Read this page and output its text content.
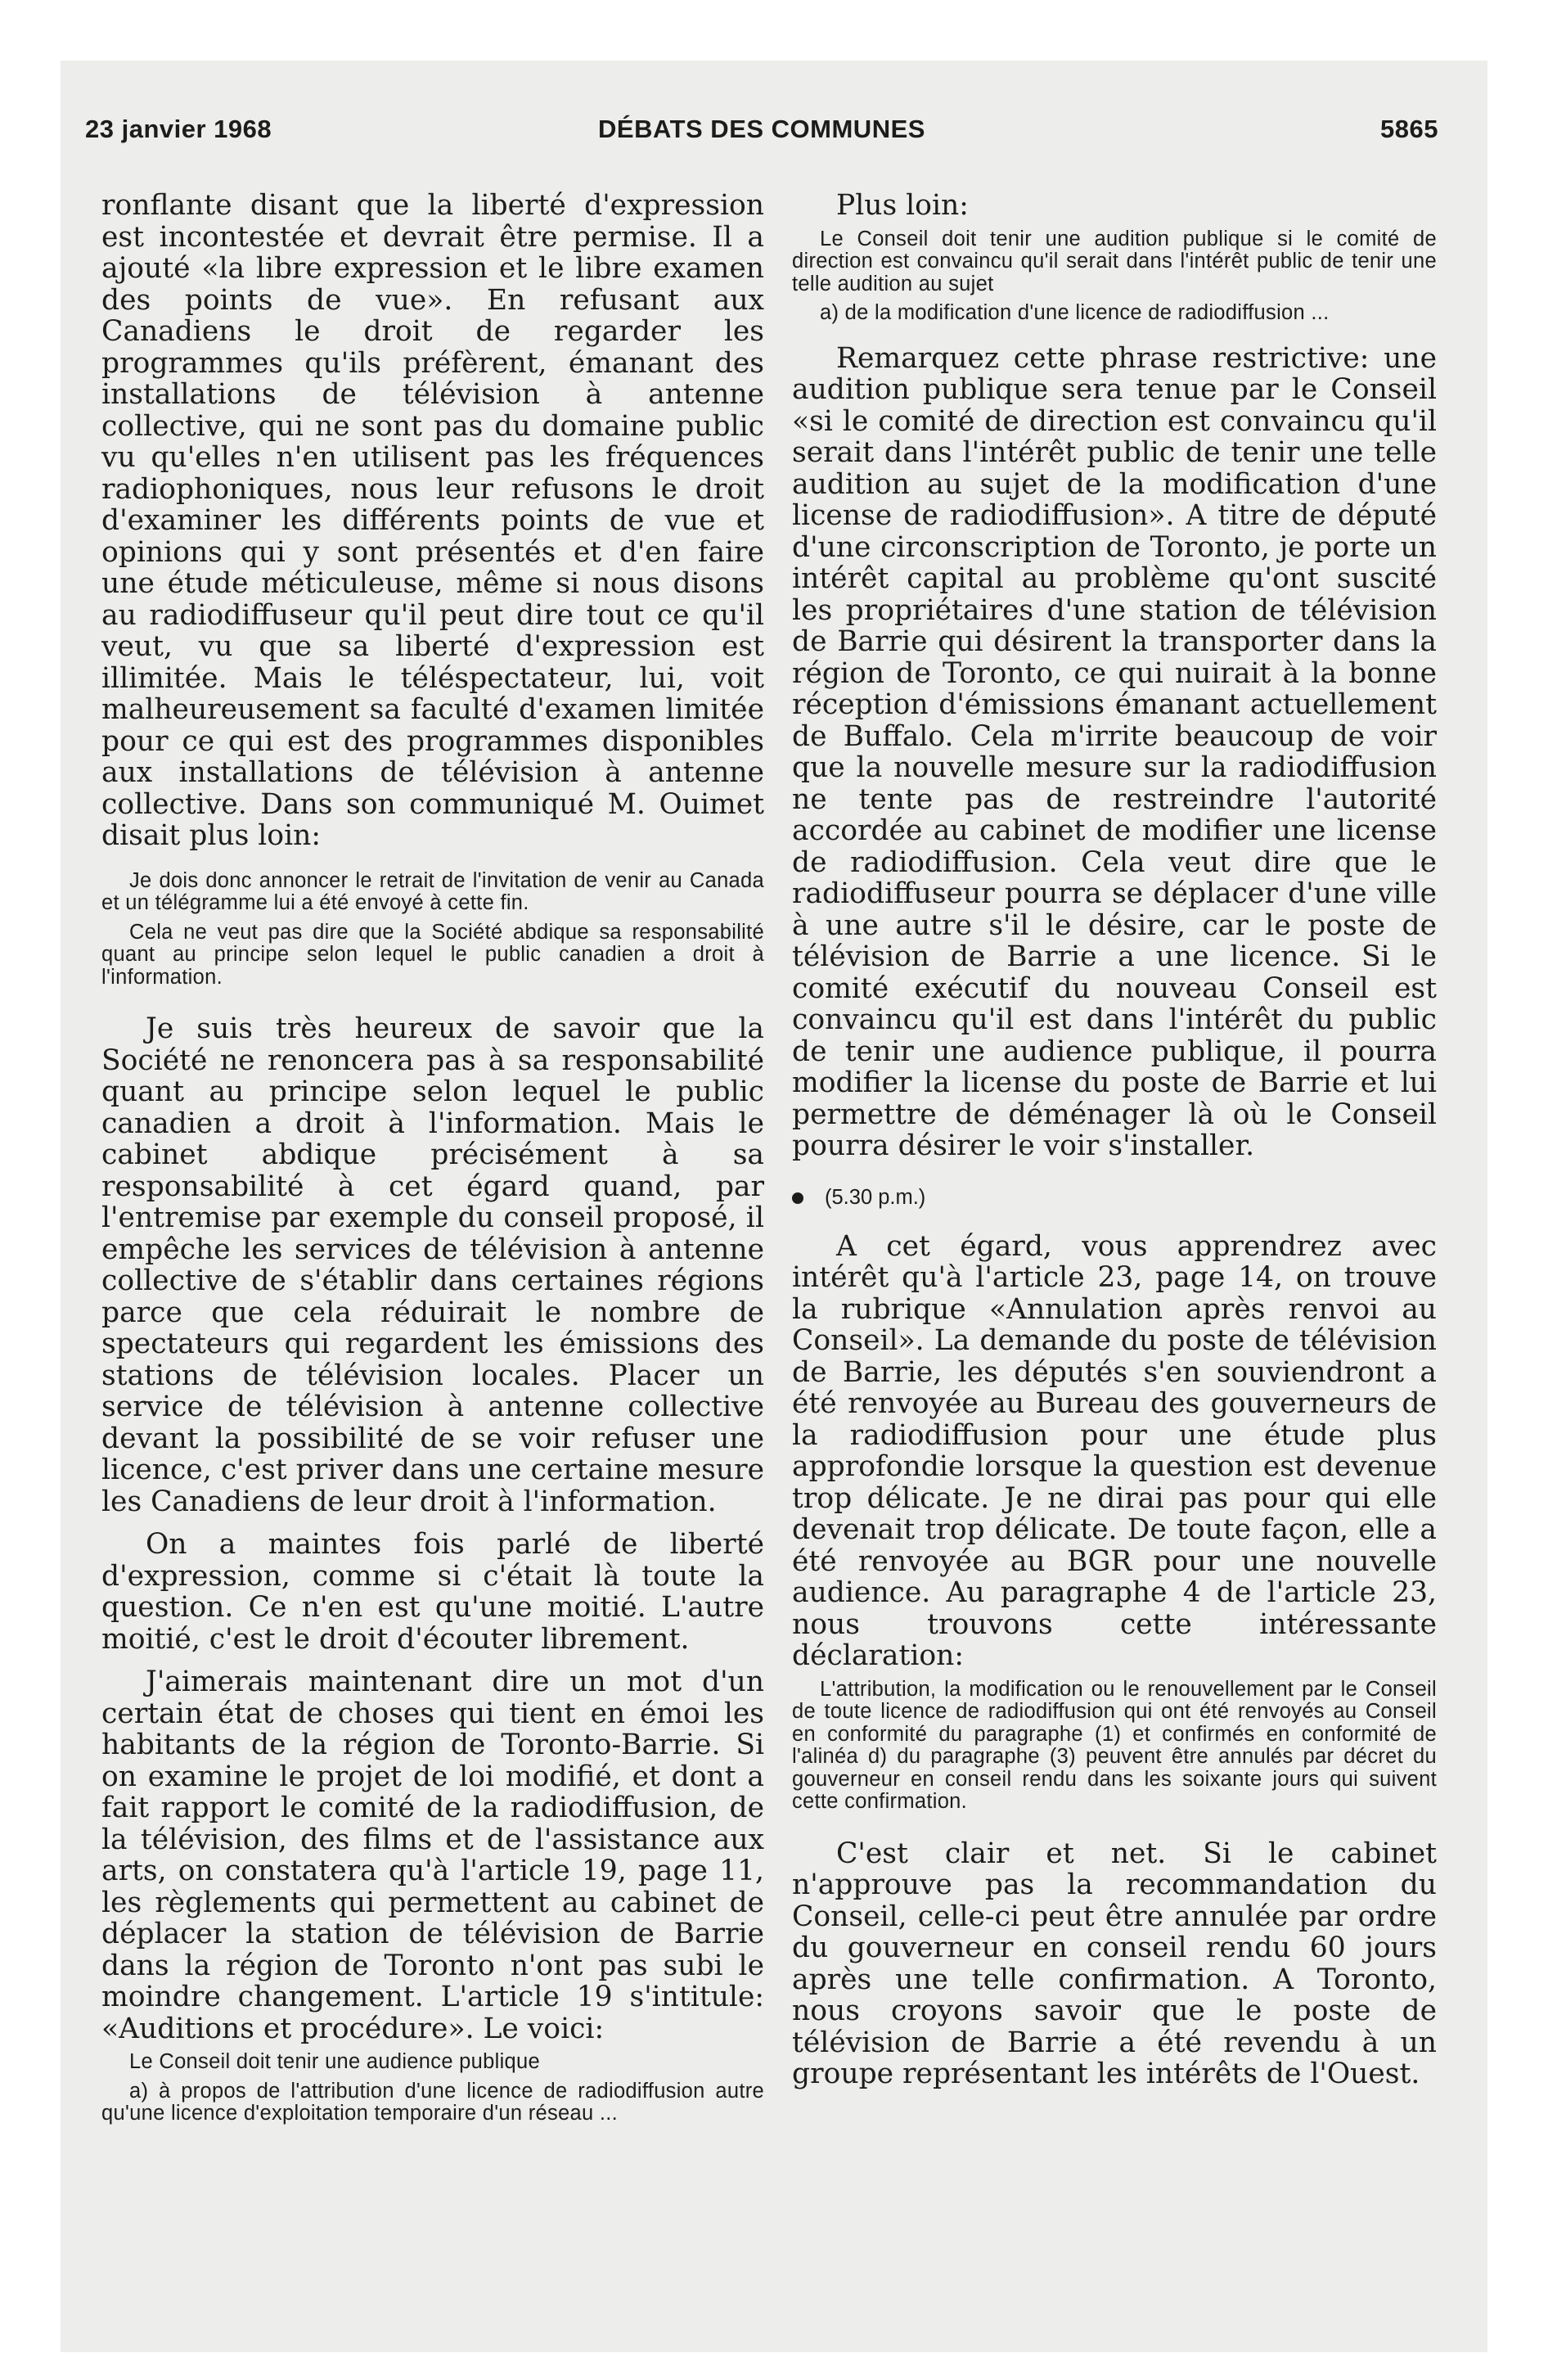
23 janvier 1968	DÉBATS DES COMMUNES	5865

ronflante disant que la liberté d'expression est incontestée et devrait être permise. Il a ajouté «la libre expression et le libre examen des points de vue». En refusant aux Canadiens le droit de regarder les programmes qu'ils préfèrent, émanant des installations de télévision à antenne collective, qui ne sont pas du domaine public vu qu'elles n'en utilisent pas les fréquences radiophoniques, nous leur refusons le droit d'examiner les différents points de vue et opinions qui y sont présentés et d'en faire une étude méticuleuse, même si nous disons au radiodiffuseur qu'il peut dire tout ce qu'il veut, vu que sa liberté d'expression est illimitée. Mais le téléspectateur, lui, voit malheureusement sa faculté d'examen limitée pour ce qui est des programmes disponibles aux installations de télévision à antenne collective. Dans son communiqué M. Ouimet disait plus loin:

Je dois donc annoncer le retrait de l'invitation de venir au Canada et un télégramme lui a été envoyé à cette fin.

Cela ne veut pas dire que la Société abdique sa responsabilité quant au principe selon lequel le public canadien a droit à l'information.

Je suis très heureux de savoir que la Société ne renoncera pas à sa responsabilité quant au principe selon lequel le public canadien a droit à l'information. Mais le cabinet abdique précisément à sa responsabilité à cet égard quand, par l'entremise par exemple du conseil proposé, il empêche les services de télévision à antenne collective de s'établir dans certaines régions parce que cela réduirait le nombre de spectateurs qui regardent les émissions des stations de télévision locales. Placer un service de télévision à antenne collective devant la possibilité de se voir refuser une licence, c'est priver dans une certaine mesure les Canadiens de leur droit à l'information.

On a maintes fois parlé de liberté d'expression, comme si c'était là toute la question. Ce n'en est qu'une moitié. L'autre moitié, c'est le droit d'écouter librement.

J'aimerais maintenant dire un mot d'un certain état de choses qui tient en émoi les habitants de la région de Toronto-Barrie. Si on examine le projet de loi modifié, et dont a fait rapport le comité de la radiodiffusion, de la télévision, des films et de l'assistance aux arts, on constatera qu'à l'article 19, page 11, les règlements qui permettent au cabinet de déplacer la station de télévision de Barrie dans la région de Toronto n'ont pas subi le moindre changement. L'article 19 s'intitule: «Auditions et procédure». Le voici:

Le Conseil doit tenir une audience publique

a) à propos de l'attribution d'une licence de radiodiffusion autre qu'une licence d'exploitation temporaire d'un réseau ...

Plus loin:

Le Conseil doit tenir une audition publique si le comité de direction est convaincu qu'il serait dans l'intérêt public de tenir une telle audition au sujet

a) de la modification d'une licence de radiodiffusion ...

Remarquez cette phrase restrictive: une audition publique sera tenue par le Conseil «si le comité de direction est convaincu qu'il serait dans l'intérêt public de tenir une telle audition au sujet de la modification d'une license de radiodiffusion». A titre de député d'une circonscription de Toronto, je porte un intérêt capital au problème qu'ont suscité les propriétaires d'une station de télévision de Barrie qui désirent la transporter dans la région de Toronto, ce qui nuirait à la bonne réception d'émissions émanant actuellement de Buffalo. Cela m'irrite beaucoup de voir que la nouvelle mesure sur la radiodiffusion ne tente pas de restreindre l'autorité accordée au cabinet de modifier une license de radiodiffusion. Cela veut dire que le radiodiffuseur pourra se déplacer d'une ville à une autre s'il le désire, car le poste de télévision de Barrie a une licence. Si le comité exécutif du nouveau Conseil est convaincu qu'il est dans l'intérêt du public de tenir une audience publique, il pourra modifier la license du poste de Barrie et lui permettre de déménager là où le Conseil pourra désirer le voir s'installer.

(5.30 p.m.)

A cet égard, vous apprendrez avec intérêt qu'à l'article 23, page 14, on trouve la rubrique «Annulation après renvoi au Conseil». La demande du poste de télévision de Barrie, les députés s'en souviendront a été renvoyée au Bureau des gouverneurs de la radiodiffusion pour une étude plus approfondie lorsque la question est devenue trop délicate. Je ne dirai pas pour qui elle devenait trop délicate. De toute façon, elle a été renvoyée au BGR pour une nouvelle audience. Au paragraphe 4 de l'article 23, nous trouvons cette intéressante déclaration:

L'attribution, la modification ou le renouvellement par le Conseil de toute licence de radiodiffusion qui ont été renvoyés au Conseil en conformité du paragraphe (1) et confirmés en conformité de l'alinéa d) du paragraphe (3) peuvent être annulés par décret du gouverneur en conseil rendu dans les soixante jours qui suivent cette confirmation.

C'est clair et net. Si le cabinet n'approuve pas la recommandation du Conseil, celle-ci peut être annulée par ordre du gouverneur en conseil rendu 60 jours après une telle confirmation. A Toronto, nous croyons savoir que le poste de télévision de Barrie a été revendu à un groupe représentant les intérêts de l'Ouest.
